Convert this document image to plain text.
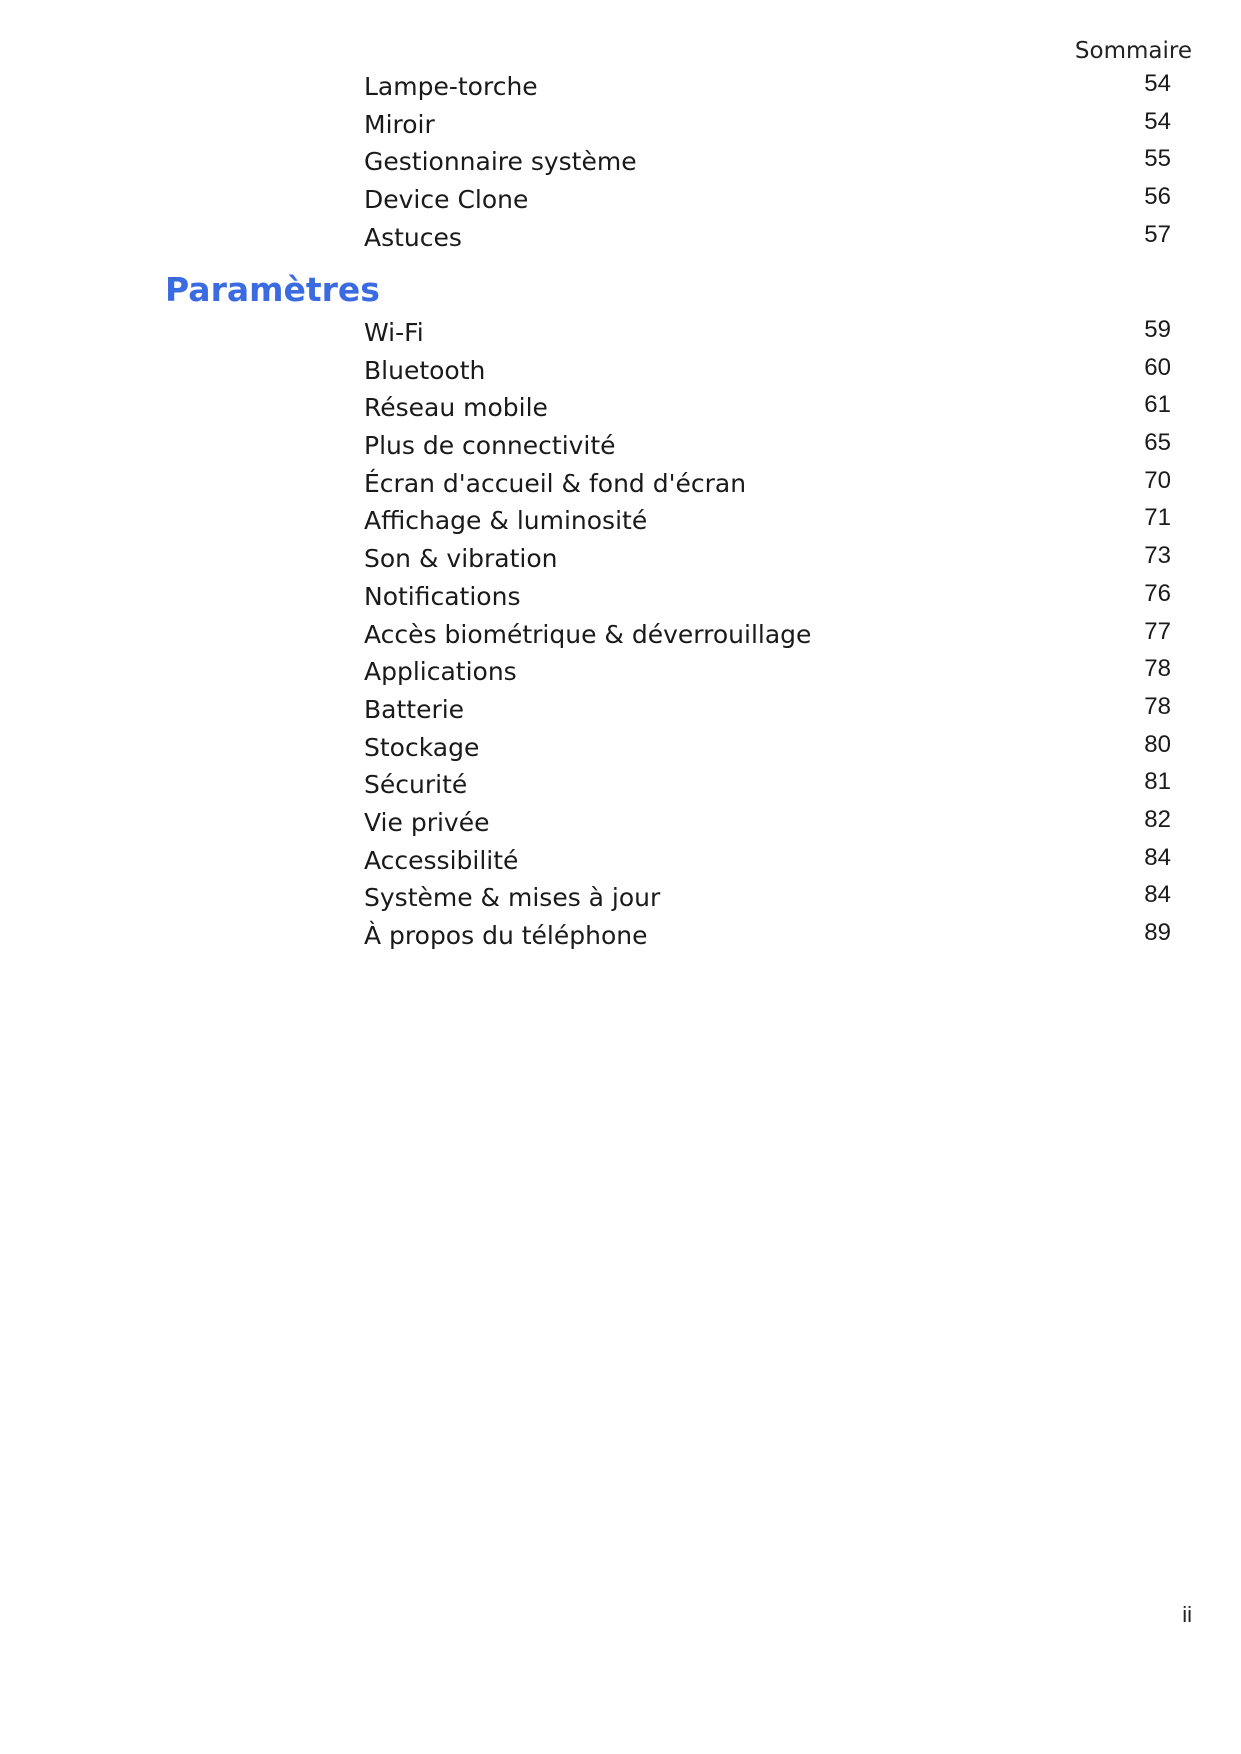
Sommaire
Lampe-torche	54
Miroir	54
Gestionnaire système	55
Device Clone	56
Astuces	57
Paramètres
Wi-Fi	59
Bluetooth	60
Réseau mobile	61
Plus de connectivité	65
Écran d'accueil & fond d'écran	70
Affichage & luminosité	71
Son & vibration	73
Notifications	76
Accès biométrique & déverrouillage	77
Applications	78
Batterie	78
Stockage	80
Sécurité	81
Vie privée	82
Accessibilité	84
Système & mises à jour	84
À propos du téléphone	89
ii
